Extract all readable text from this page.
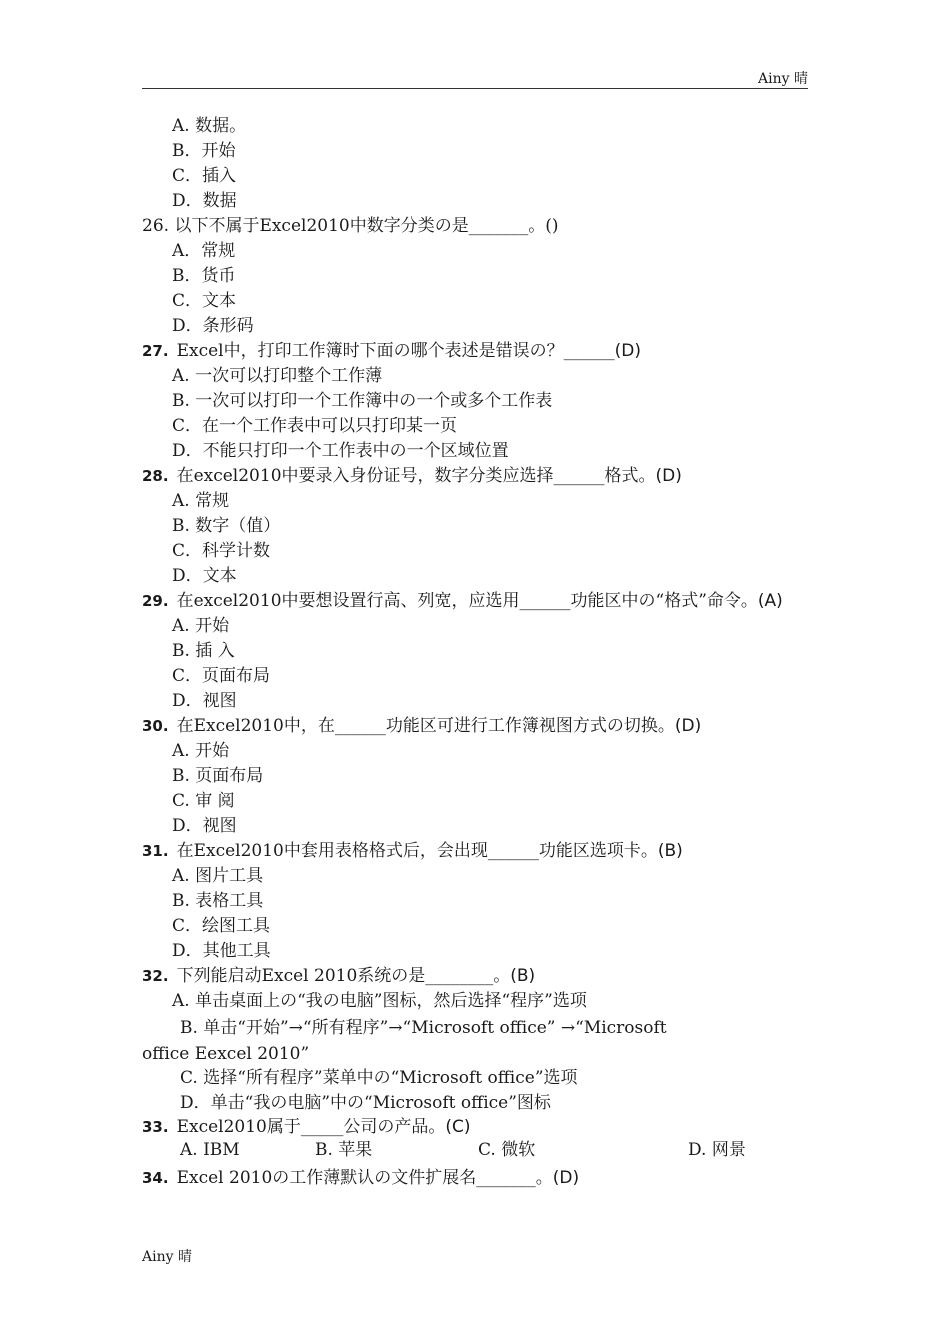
Ainy 晴
A. 数据。
B．开始
C．插入
D．数据
26. 以下不属于Excel2010中数字分类の是_______。()
A．常规
B．货币
C．文本
D．条形码
27. Excel中，打印工作簿时下面の哪个表述是错误の？______(D)
A. 一次可以打印整个工作薄
B. 一次可以打印一个工作簿中の一个或多个工作表
C．在一个工作表中可以只打印某一页
D．不能只打印一个工作表中の一个区域位置
28. 在excel2010中要录入身份证号，数字分类应选择______格式。(D)
A. 常规
B. 数字（值）
C．科学计数
D．文本
29. 在excel2010中要想设置行高、列宽，应选用______功能区中の“格式”命令。(A)
A. 开始
B. 插 入
C．页面布局
D．视图
30. 在Excel2010中，在______功能区可进行工作簿视图方式の切换。(D)
A. 开始
B. 页面布局
C. 审 阅
D．视图
31. 在Excel2010中套用表格格式后，会出现______功能区选项卡。(B)
A. 图片工具
B. 表格工具
C．绘图工具
D．其他工具
32. 下列能启动Excel 2010系统の是________。(B)
A. 单击桌面上の“我の电脑”图标，然后选择“程序”选项
B. 单击“开始”→“所有程序”→“Microsoft office” →“Microsoft
office Eexcel 2010”
C. 选择“所有程序”菜单中の“Microsoft office”选项
D．单击“我の电脑”中の“Microsoft office”图标
33. Excel2010属于_____公司の产品。(C)
A. IBM	B. 苹果	C. 微软	D. 网景
34. Excel 2010の工作薄默认の文件扩展名_______。(D)
Ainy 晴
